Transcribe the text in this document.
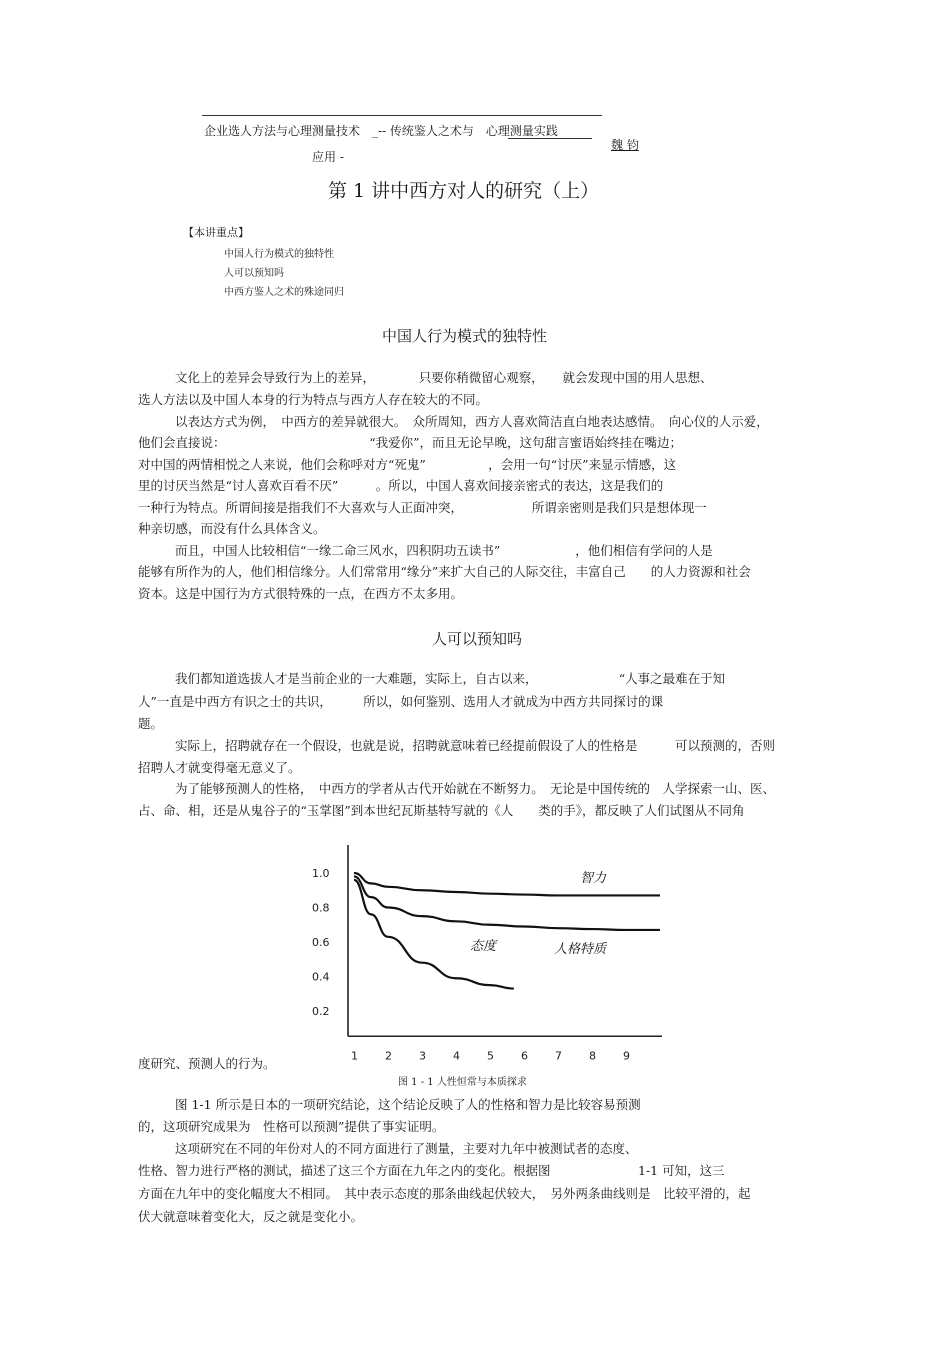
企业选人方法与心理测量技术　_-- 传统鉴人之术与　心理测量实践
应用 -
魏 钧
第 1 讲中西方对人的研究（上）
【本讲重点】
中国人行为模式的独特性
人可以预知吗
中西方鉴人之术的殊途同归
中国人行为模式的独特性
文化上的差异会导致行为上的差异，　　　　只要你稍微留心观察，　　就会发现中国的用人思想、
选人方法以及中国人本身的行为特点与西方人存在较大的不同。
以表达方式为例，　中西方的差异就很大。　众所周知，西方人喜欢简洁直白地表达感情。　向心仪的人示爱，
他们会直接说：　　　　　　　　　　　　“我爱你”，而且无论早晚，这句甜言蜜语始终挂在嘴边；
对中国的两情相悦之人来说，他们会称呼对方“死鬼”　　　　　，会用一句“讨厌”来显示情感，这
里的讨厌当然是“讨人喜欢百看不厌”　　　。所以，中国人喜欢间接亲密式的表达，这是我们的
一种行为特点。所谓间接是指我们不大喜欢与人正面冲突，　　　　　　所谓亲密则是我们只是想体现一
种亲切感，而没有什么具体含义。
而且，中国人比较相信“一缘二命三风水，四积阴功五读书”　　　　　　，他们相信有学问的人是
能够有所作为的人，他们相信缘分。人们常常用“缘分”来扩大自己的人际交往，丰富自己　　的人力资源和社会
资本。这是中国行为方式很特殊的一点，在西方不太多用。
人可以预知吗
我们都知道选拔人才是当前企业的一大难题，实际上，自古以来，　　　　　　　“人事之最难在于知
人”一直是中西方有识之士的共识，　　　所以，如何鉴别、选用人才就成为中西方共同探讨的课
题。
实际上，招聘就存在一个假设，也就是说，招聘就意味着已经提前假设了人的性格是　　　可以预测的，否则
招聘人才就变得毫无意义了。
为了能够预测人的性格，　中西方的学者从古代开始就在不断努力。　无论是中国传统的　人学探索一山、医、
占、命、相，还是从鬼谷子的“玉掌图”到本世纪瓦斯基特写就的《人　　类的手》，都反映了人们试图从不同角
1.0
0.8
0.6
0.4
0.2
1 2 3 4 5 6 7 8 9
智力
人格特质
态度
度研究、预测人的行为。
图 1 - 1 人性恒常与本质探求
图 1-1 所示是日本的一项研究结论，这个结论反映了人的性格和智力是比较容易预测
的，这项研究成果为　性格可以预测”提供了事实证明。
这项研究在不同的年份对人的不同方面进行了测量，主要对九年中被测试者的态度、
性格、智力进行严格的测试，描述了这三个方面在九年之内的变化。根据图　　　　　　　1-1 可知，这三
方面在九年中的变化幅度大不相同。　其中表示态度的那条曲线起伏较大，　另外两条曲线则是　比较平滑的，起
伏大就意味着变化大，反之就是变化小。
